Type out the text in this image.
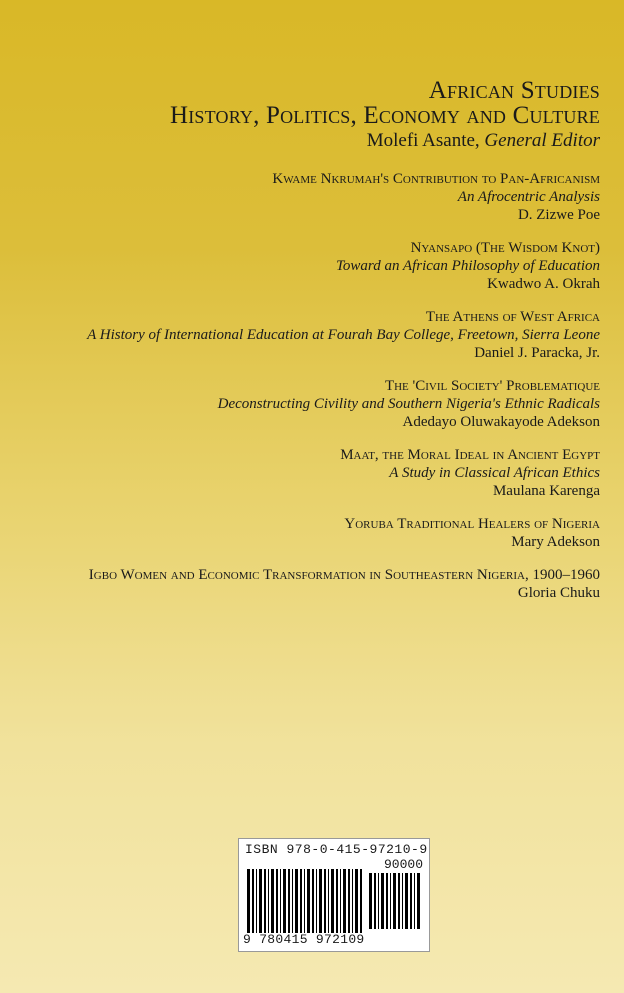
African Studies
History, Politics, Economy and Culture
Molefi Asante, General Editor
Kwame Nkrumah's Contribution to Pan-Africanism
An Afrocentric Analysis
D. Zizwe Poe
Nyansapo (The Wisdom Knot)
Toward an African Philosophy of Education
Kwadwo A. Okrah
The Athens of West Africa
A History of International Education at Fourah Bay College, Freetown, Sierra Leone
Daniel J. Paracka, Jr.
The 'Civil Society' Problematique
Deconstructing Civility and Southern Nigeria's Ethnic Radicals
Adedayo Oluwakayode Adekson
Maat, the Moral Ideal in Ancient Egypt
A Study in Classical African Ethics
Maulana Karenga
Yoruba Traditional Healers of Nigeria
Mary Adekson
Igbo Women and Economic Transformation in Southeastern Nigeria, 1900–1960
Gloria Chuku
ISBN 978-0-415-97210-9
90000
9 780415 972109
